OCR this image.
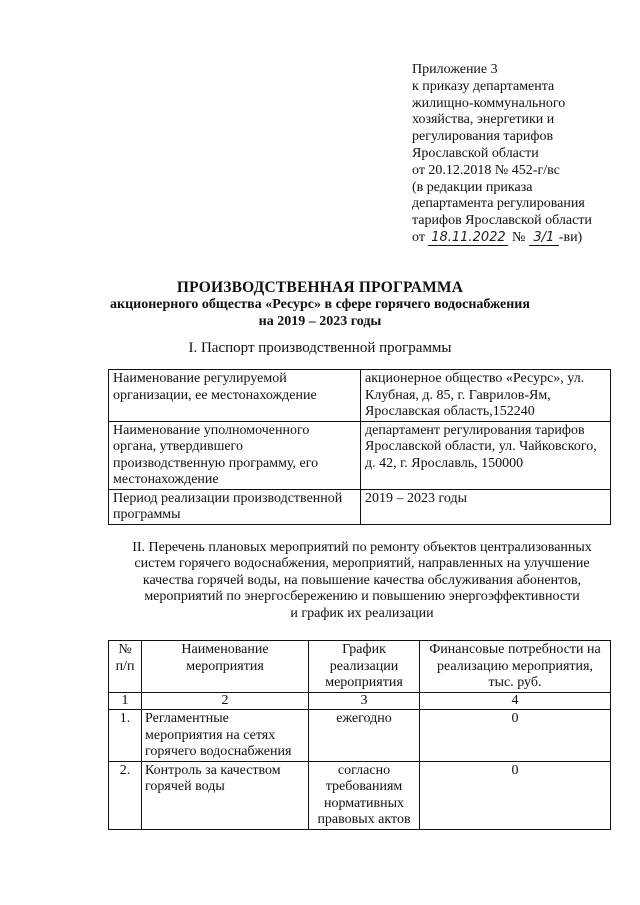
Приложение 3
к приказу департамента
жилищно-коммунального
хозяйства, энергетики и
регулирования тарифов
Ярославской области
от 20.12.2018 № 452-г/вс
(в редакции приказа
департамента регулирования
тарифов Ярославской области
от 18.11.2022 № 3/1 -ви)
ПРОИЗВОДСТВЕННАЯ ПРОГРАММА
акционерного общества «Ресурс» в сфере горячего водоснабжения
на 2019 – 2023 годы
I. Паспорт производственной программы
Наименование регулируемой организации, ее местонахождение	акционерное общество «Ресурс», ул. Клубная, д. 85, г. Гаврилов-Ям, Ярославская область,152240
Наименование уполномоченного органа, утвердившего производственную программу, его местонахождение	департамент регулирования тарифов Ярославской области, ул. Чайковского, д. 42, г. Ярославль, 150000
Период реализации производственной программы	2019 – 2023 годы
II. Перечень плановых мероприятий по ремонту объектов централизованных
систем горячего водоснабжения, мероприятий, направленных на улучшение
качества горячей воды, на повышение качества обслуживания абонентов,
мероприятий по энергосбережению и повышению энергоэффективности
и график их реализации
№ п/п	Наименование мероприятия	График реализации мероприятия	Финансовые потребности на реализацию мероприятия, тыс. руб.
1	2	3	4
1.	Регламентные мероприятия на сетях горячего водоснабжения	ежегодно	0
2.	Контроль за качеством горячей воды	согласно требованиям нормативных правовых актов	0
